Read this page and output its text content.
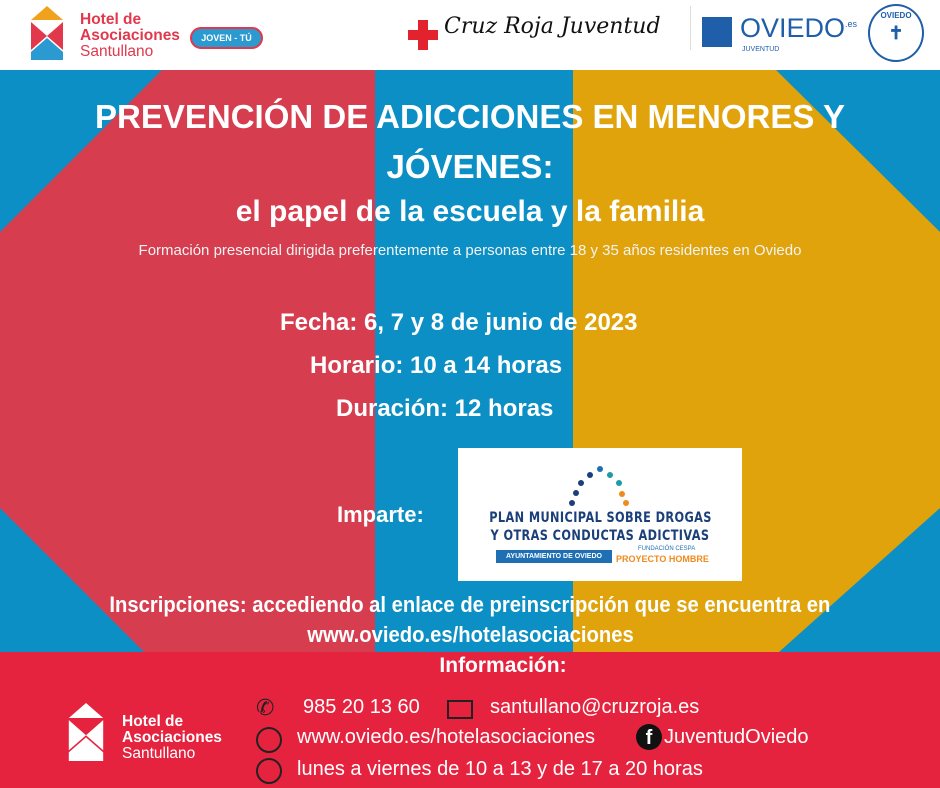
Hotel de
Asociaciones
Santullano
JOVEN - TÚ	Cruz Roja Juventud	$OVIEDO^{.es}$
JUVENTUD
OVIEDO
✝
PREVENCIÓN DE ADICCIONES EN MENORES Y JÓVENES:
el papel de la escuela y la familia
Formación presencial dirigida preferentemente a personas entre 18 y 35 años residentes en Oviedo
Fecha: 6, 7 y 8 de junio de 2023
Horario: 10 a 14 horas
Duración: 12 horas
Imparte:	PLAN MUNICIPAL SOBRE DROGAS
Y OTRAS CONDUCTAS ADICTIVAS
AYUNTAMIENTO DE OVIEDO
FUNDACIÓN CESPA
PROYECTO HOMBRE
Inscripciones: accediendo al enlace de preinscripción que se encuentra en
www.oviedo.es/hotelasociaciones
Información:
Hotel de
Asociaciones
Santullano
✆	985 20 13 60	santullano@cruzroja.es
www.oviedo.es/hotelasociaciones	f JuventudOviedo
lunes a viernes de 10 a 13 y de 17 a 20 horas
